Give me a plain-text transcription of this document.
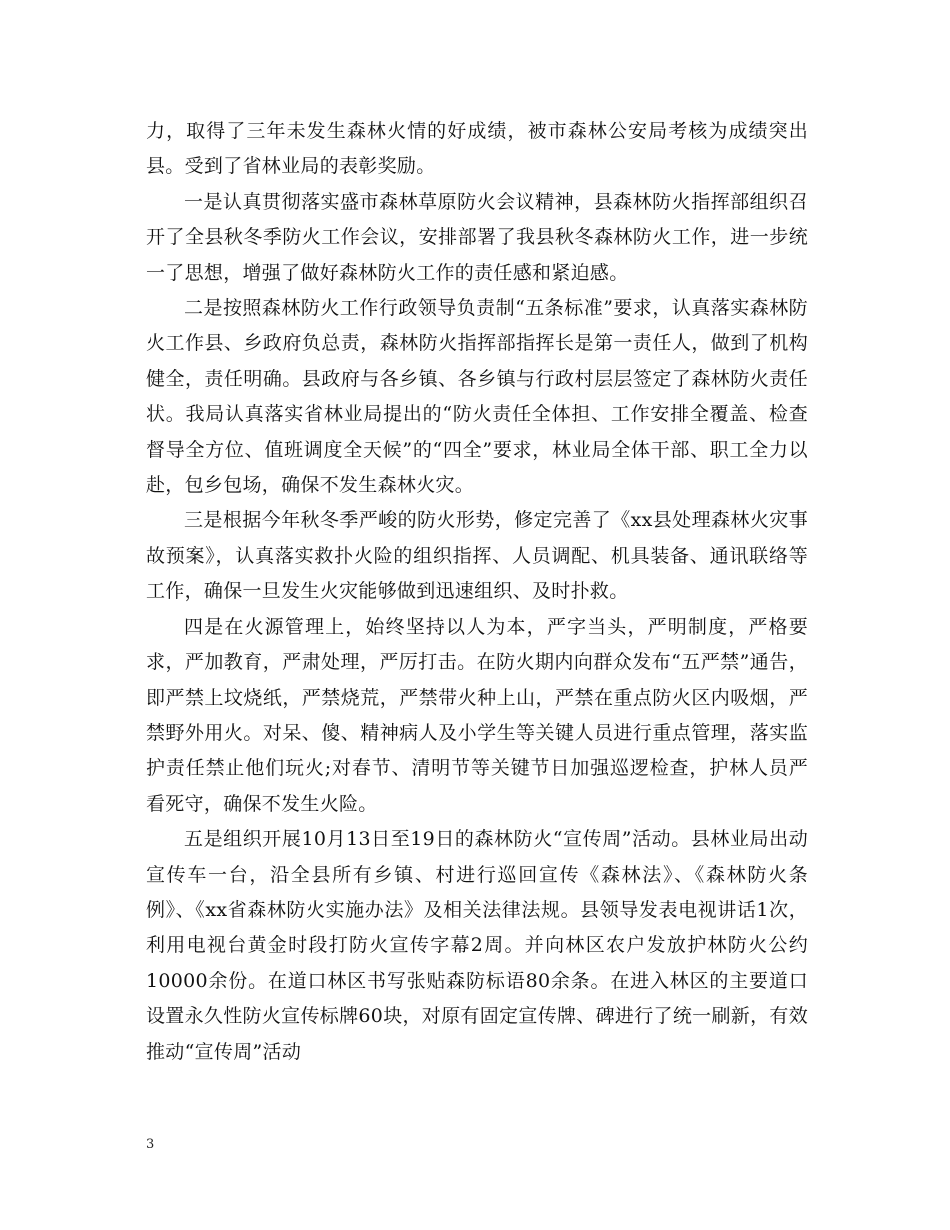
力，取得了三年未发生森林火情的好成绩，被市森林公安局考核为成绩突出县。受到了省林业局的表彰奖励。

一是认真贯彻落实盛市森林草原防火会议精神，县森林防火指挥部组织召开了全县秋冬季防火工作会议，安排部署了我县秋冬森林防火工作，进一步统一了思想，增强了做好森林防火工作的责任感和紧迫感。

二是按照森林防火工作行政领导负责制“五条标准”要求，认真落实森林防火工作县、乡政府负总责，森林防火指挥部指挥长是第一责任人，做到了机构健全，责任明确。县政府与各乡镇、各乡镇与行政村层层签定了森林防火责任状。我局认真落实省林业局提出的“防火责任全体担、工作安排全覆盖、检查督导全方位、值班调度全天候”的“四全”要求，林业局全体干部、职工全力以赴，包乡包场，确保不发生森林火灾。

三是根据今年秋冬季严峻的防火形势，修定完善了《xx县处理森林火灾事故预案》，认真落实救扑火险的组织指挥、人员调配、机具装备、通讯联络等工作，确保一旦发生火灾能够做到迅速组织、及时扑救。

四是在火源管理上，始终坚持以人为本，严字当头，严明制度，严格要求，严加教育，严肃处理，严厉打击。在防火期内向群众发布“五严禁”通告，即严禁上坟烧纸，严禁烧荒，严禁带火种上山，严禁在重点防火区内吸烟，严禁野外用火。对呆、傻、精神病人及小学生等关键人员进行重点管理，落实监护责任禁止他们玩火;对春节、清明节等关键节日加强巡逻检查，护林人员严看死守，确保不发生火险。

五是组织开展10月13日至19日的森林防火“宣传周”活动。县林业局出动宣传车一台，沿全县所有乡镇、村进行巡回宣传《森林法》、《森林防火条例》、《xx省森林防火实施办法》及相关法律法规。县领导发表电视讲话1次，利用电视台黄金时段打防火宣传字幕2周。并向林区农户发放护林防火公约10000余份。在道口林区书写张贴森防标语80余条。在进入林区的主要道口设置永久性防火宣传标牌60块，对原有固定宣传牌、碑进行了统一刷新，有效推动“宣传周”活动

3
